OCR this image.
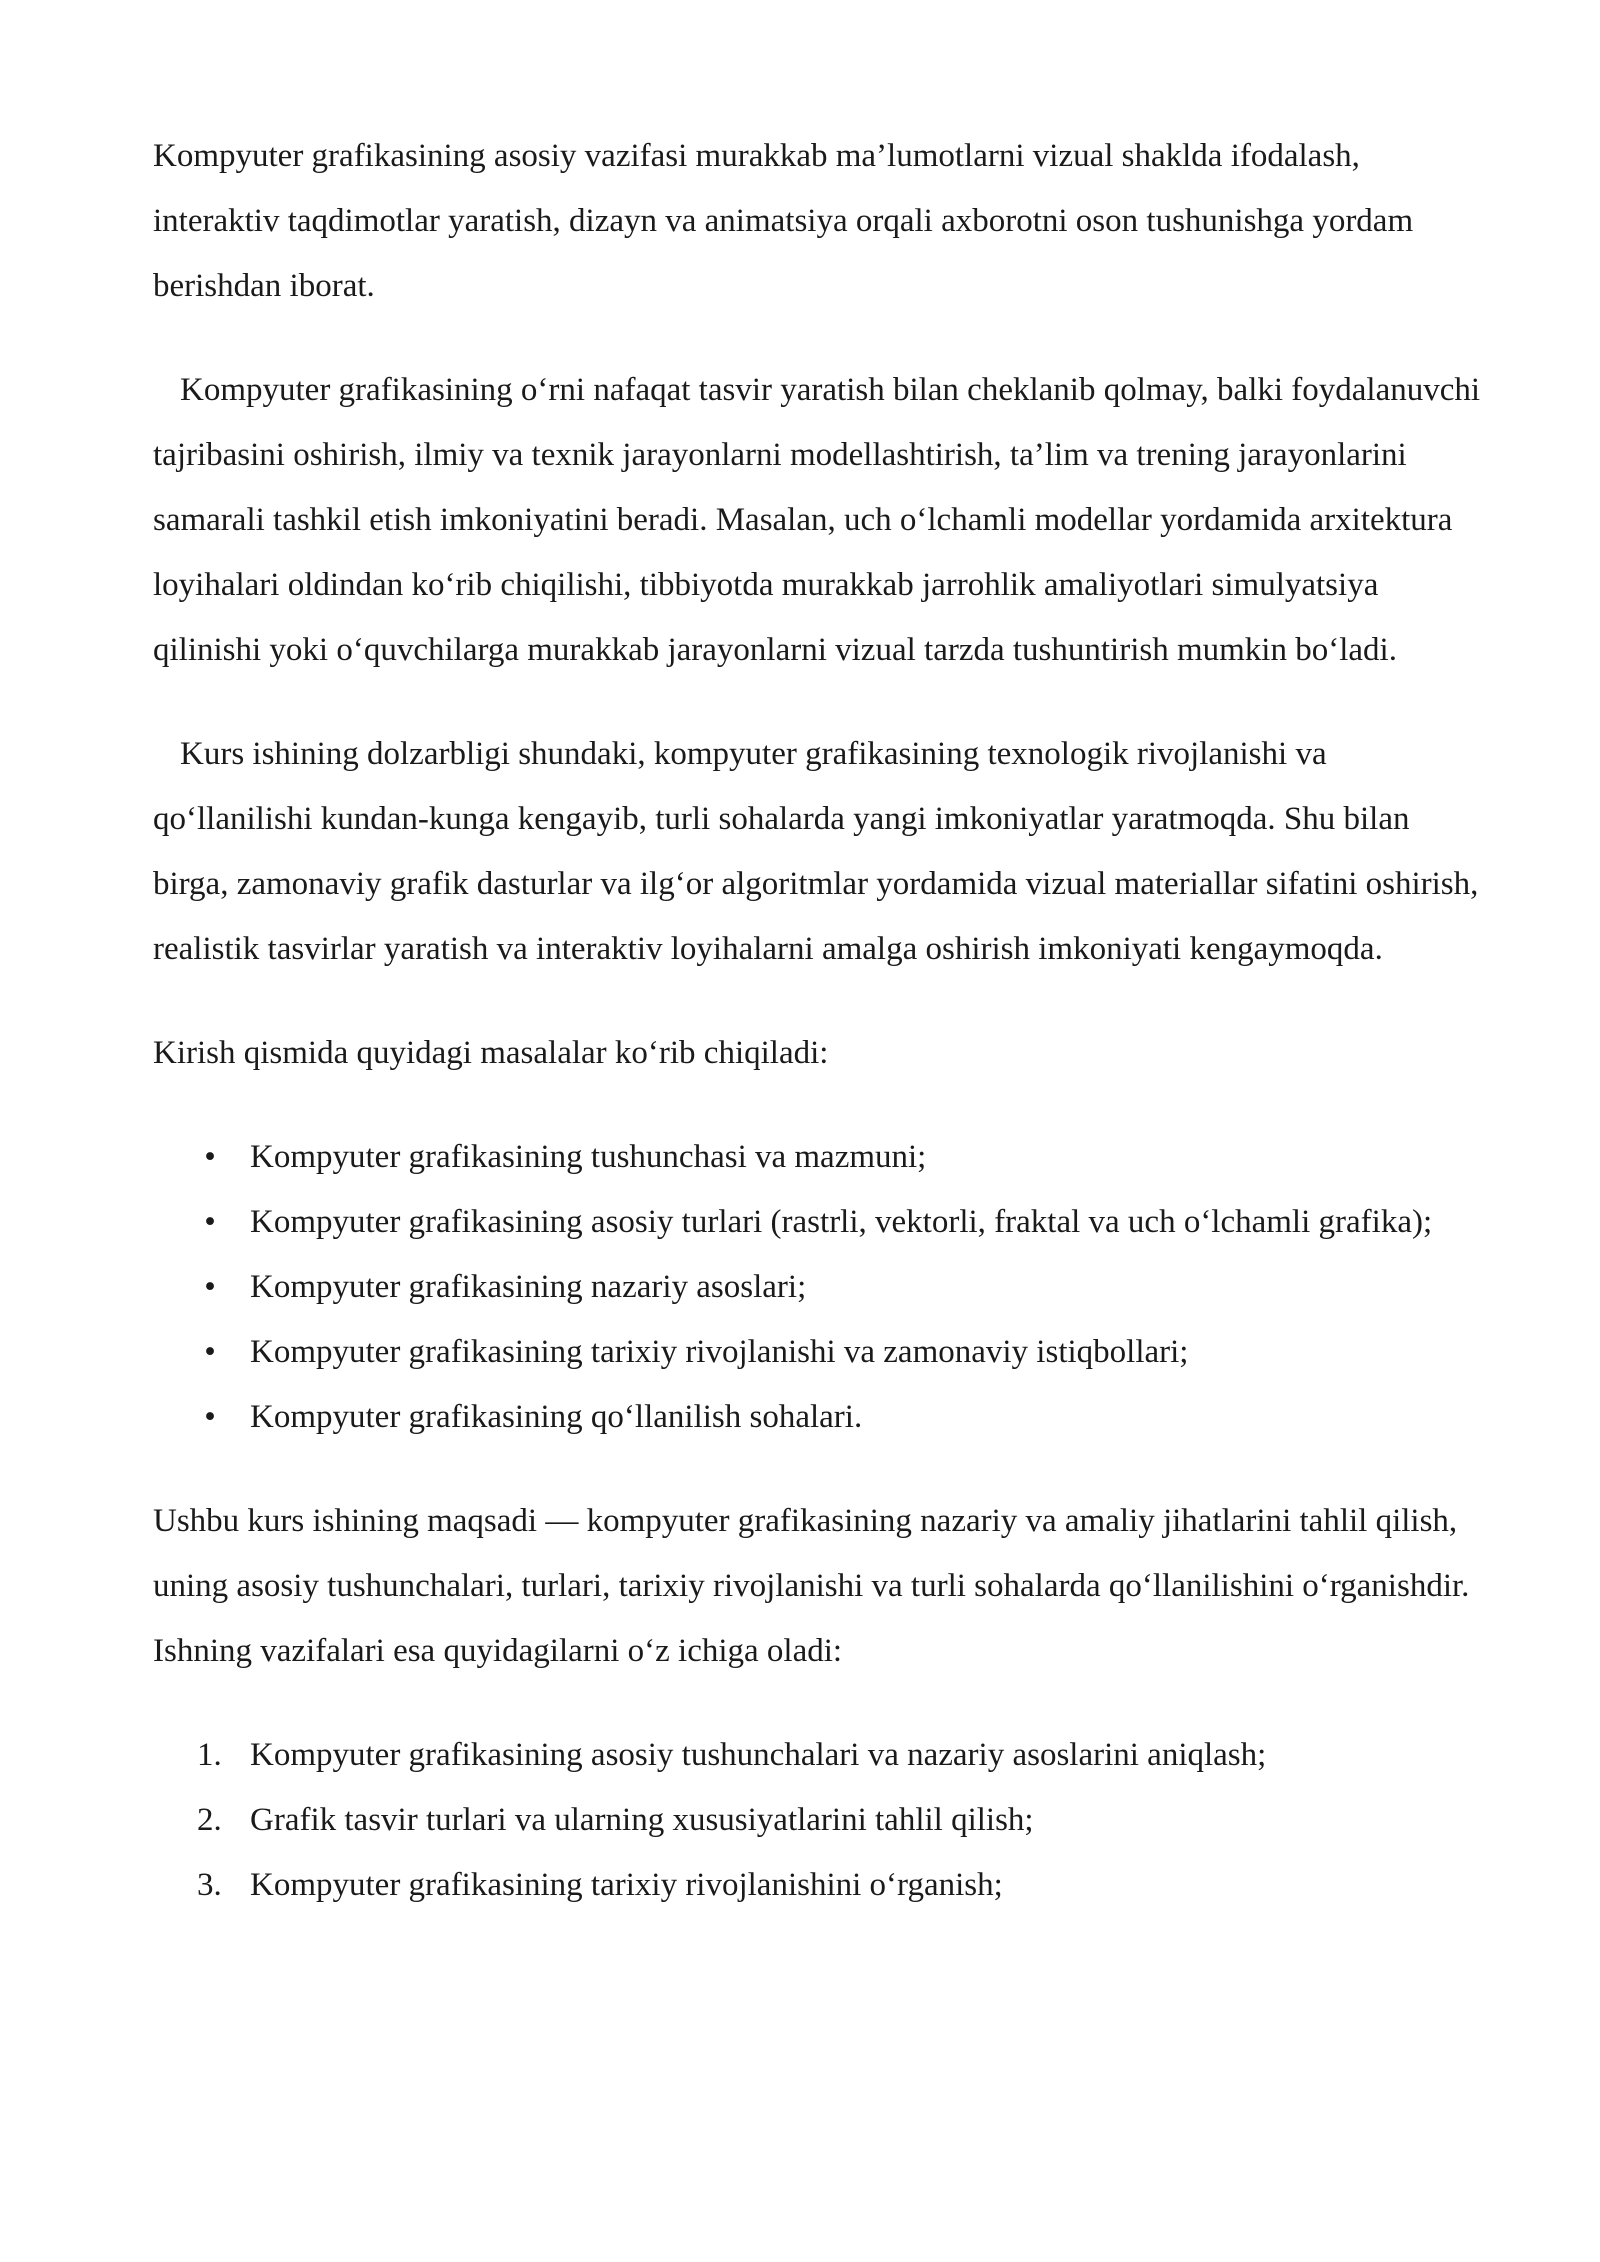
Kompyuter grafikasining asosiy vazifasi murakkab ma’lumotlarni vizual shaklda ifodalash, interaktiv taqdimotlar yaratish, dizayn va animatsiya orqali axborotni oson tushunishga yordam berishdan iborat.

Kompyuter grafikasining o‘rni nafaqat tasvir yaratish bilan cheklanib qolmay, balki foydalanuvchi tajribasini oshirish, ilmiy va texnik jarayonlarni modellashtirish, ta’lim va trening jarayonlarini samarali tashkil etish imkoniyatini beradi. Masalan, uch o‘lchamli modellar yordamida arxitektura loyihalari oldindan ko‘rib chiqilishi, tibbiyotda murakkab jarrohlik amaliyotlari simulyatsiya qilinishi yoki o‘quvchilarga murakkab jarayonlarni vizual tarzda tushuntirish mumkin bo‘ladi.

Kurs ishining dolzarbligi shundaki, kompyuter grafikasining texnologik rivojlanishi va qo‘llanilishi kundan-kunga kengayib, turli sohalarda yangi imkoniyatlar yaratmoqda. Shu bilan birga, zamonaviy grafik dasturlar va ilg‘or algoritmlar yordamida vizual materiallar sifatini oshirish, realistik tasvirlar yaratish va interaktiv loyihalarni amalga oshirish imkoniyati kengaymoqda.

Kirish qismida quyidagi masalalar ko‘rib chiqiladi:

• Kompyuter grafikasining tushunchasi va mazmuni;
• Kompyuter grafikasining asosiy turlari (rastrli, vektorli, fraktal va uch o‘lchamli grafika);
• Kompyuter grafikasining nazariy asoslari;
• Kompyuter grafikasining tarixiy rivojlanishi va zamonaviy istiqbollari;
• Kompyuter grafikasining qo‘llanilish sohalari.

Ushbu kurs ishining maqsadi — kompyuter grafikasining nazariy va amaliy jihatlarini tahlil qilish, uning asosiy tushunchalari, turlari, tarixiy rivojlanishi va turli sohalarda qo‘llanilishini o‘rganishdir. Ishning vazifalari esa quyidagilarni o‘z ichiga oladi:

1. Kompyuter grafikasining asosiy tushunchalari va nazariy asoslarini aniqlash;
2. Grafik tasvir turlari va ularning xususiyatlarini tahlil qilish;
3. Kompyuter grafikasining tarixiy rivojlanishini o‘rganish;
